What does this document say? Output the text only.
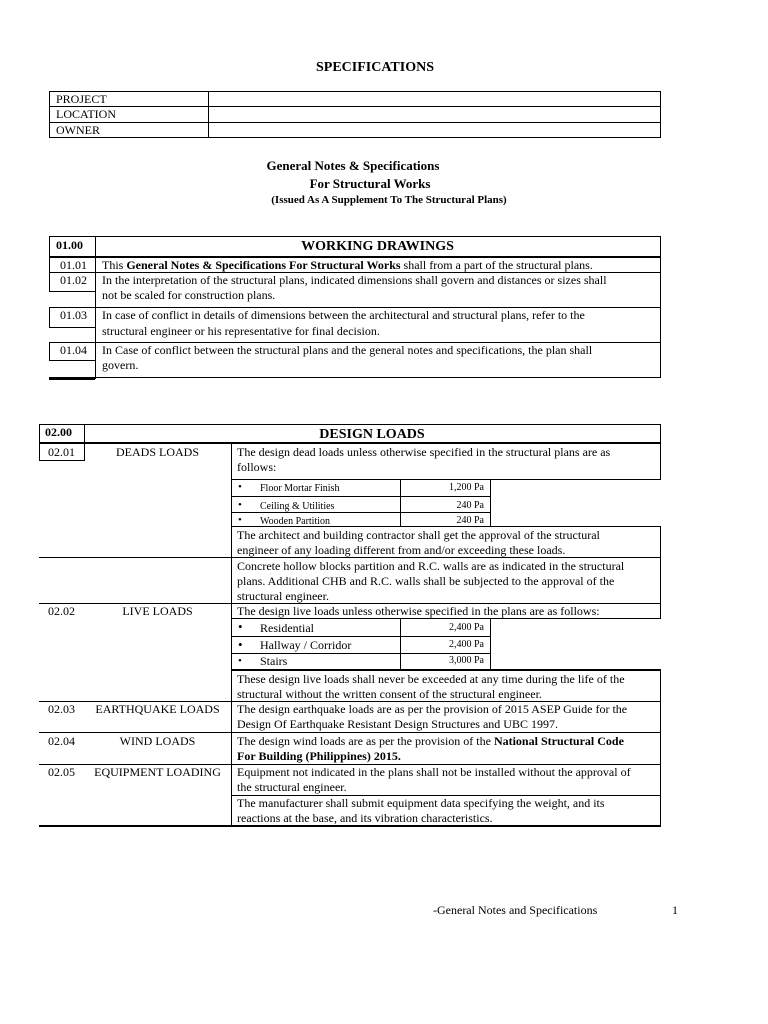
SPECIFICATIONS
PROJECT
LOCATION
OWNER
General Notes & Specifications
For Structural Works
(Issued As A Supplement To The Structural Plans)
01.00	WORKING DRAWINGS
01.01 This General Notes & Specifications For Structural Works shall from a part of the structural plans.
01.02 In the interpretation of the structural plans, indicated dimensions shall govern and distances or sizes shall
not be scaled for construction plans.
01.03 In case of conflict in details of dimensions between the architectural and structural plans, refer to the
structural engineer or his representative for final decision.
01.04 In Case of conflict between the structural plans and the general notes and specifications, the plan shall
govern.
02.00	DESIGN LOADS
02.01	DEADS LOADS	The design dead loads unless otherwise specified in the structural plans are as
follows:
• Floor Mortar Finish	1,200 Pa
• Ceiling & Utilities	240 Pa
• Wooden Partition	240 Pa
The architect and building contractor shall get the approval of the structural
engineer of any loading different from and/or exceeding these loads.
Concrete hollow blocks partition and R.C. walls are as indicated in the structural
plans. Additional CHB and R.C. walls shall be subjected to the approval of the
structural engineer.
02.02	LIVE LOADS	The design live loads unless otherwise specified in the plans are as follows:
• Residential	2,400 Pa
• Hallway / Corridor	2,400 Pa
• Stairs	3,000 Pa
These design live loads shall never be exceeded at any time during the life of the
structural without the written consent of the structural engineer.
02.03	EARTHQUAKE LOADS	The design earthquake loads are as per the provision of 2015 ASEP Guide for the
Design Of Earthquake Resistant Design Structures and UBC 1997.
02.04	WIND LOADS	The design wind loads are as per the provision of the National Structural Code
For Building (Philippines) 2015.
02.05	EQUIPMENT LOADING	Equipment not indicated in the plans shall not be installed without the approval of
the structural engineer.
The manufacturer shall submit equipment data specifying the weight, and its
reactions at the base, and its vibration characteristics.
-General Notes and Specifications	1
